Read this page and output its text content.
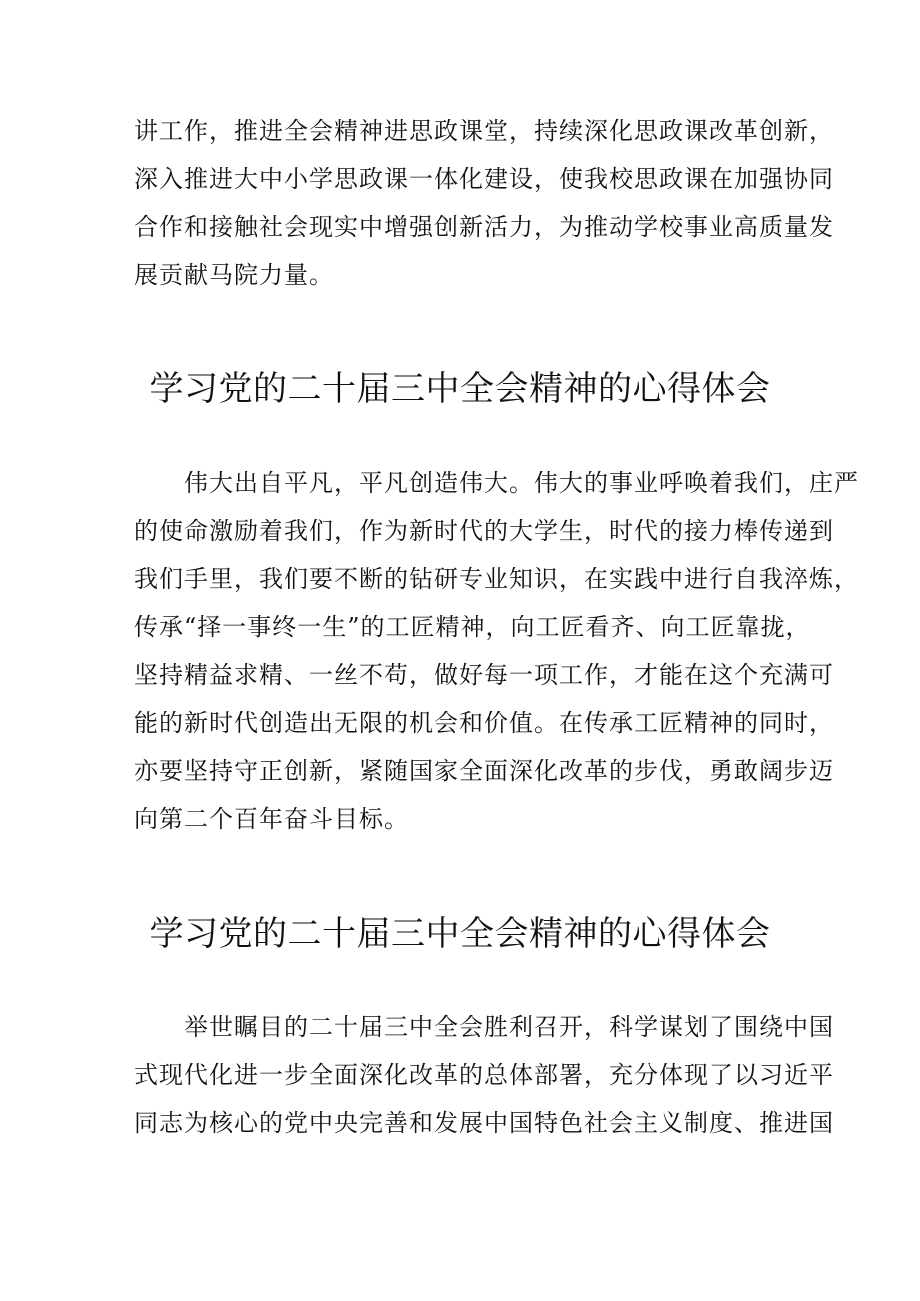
讲工作，推进全会精神进思政课堂，持续深化思政课改革创新，
深入推进大中小学思政课一体化建设，使我校思政课在加强协同
合作和接触社会现实中增强创新活力，为推动学校事业高质量发
展贡献马院力量。
学习党的二十届三中全会精神的心得体会
　　伟大出自平凡，平凡创造伟大。伟大的事业呼唤着我们，庄严
的使命激励着我们，作为新时代的大学生，时代的接力棒传递到
我们手里，我们要不断的钻研专业知识，在实践中进行自我淬炼，
传承“择一事终一生”的工匠精神，向工匠看齐、向工匠靠拢，
坚持精益求精、一丝不苟，做好每一项工作，才能在这个充满可
能的新时代创造出无限的机会和价值。在传承工匠精神的同时，
亦要坚持守正创新，紧随国家全面深化改革的步伐，勇敢阔步迈
向第二个百年奋斗目标。
学习党的二十届三中全会精神的心得体会
　　举世瞩目的二十届三中全会胜利召开，科学谋划了围绕中国
式现代化进一步全面深化改革的总体部署，充分体现了以习近平
同志为核心的党中央完善和发展中国特色社会主义制度、推进国
